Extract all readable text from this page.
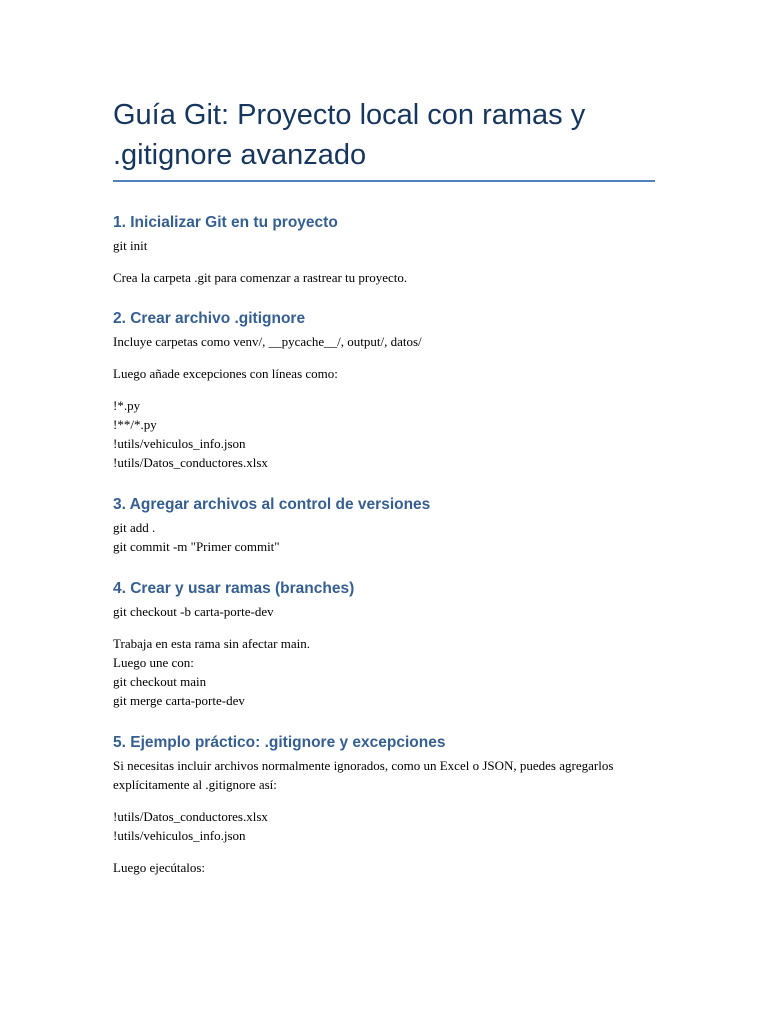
Guía Git: Proyecto local con ramas y .gitignore avanzado
1. Inicializar Git en tu proyecto

git init

Crea la carpeta .git para comenzar a rastrear tu proyecto.

2. Crear archivo .gitignore

Incluye carpetas como venv/, __pycache__/, output/, datos/

Luego añade excepciones con líneas como:

!*.py
!**/*.py
!utils/vehiculos_info.json
!utils/Datos_conductores.xlsx

3. Agregar archivos al control de versiones

git add .
git commit -m "Primer commit"

4. Crear y usar ramas (branches)

git checkout -b carta-porte-dev

Trabaja en esta rama sin afectar main.
Luego une con:
git checkout main
git merge carta-porte-dev

5. Ejemplo práctico: .gitignore y excepciones

Si necesitas incluir archivos normalmente ignorados, como un Excel o JSON, puedes agregarlos explícitamente al .gitignore así:

!utils/Datos_conductores.xlsx
!utils/vehiculos_info.json

Luego ejecútalos:
